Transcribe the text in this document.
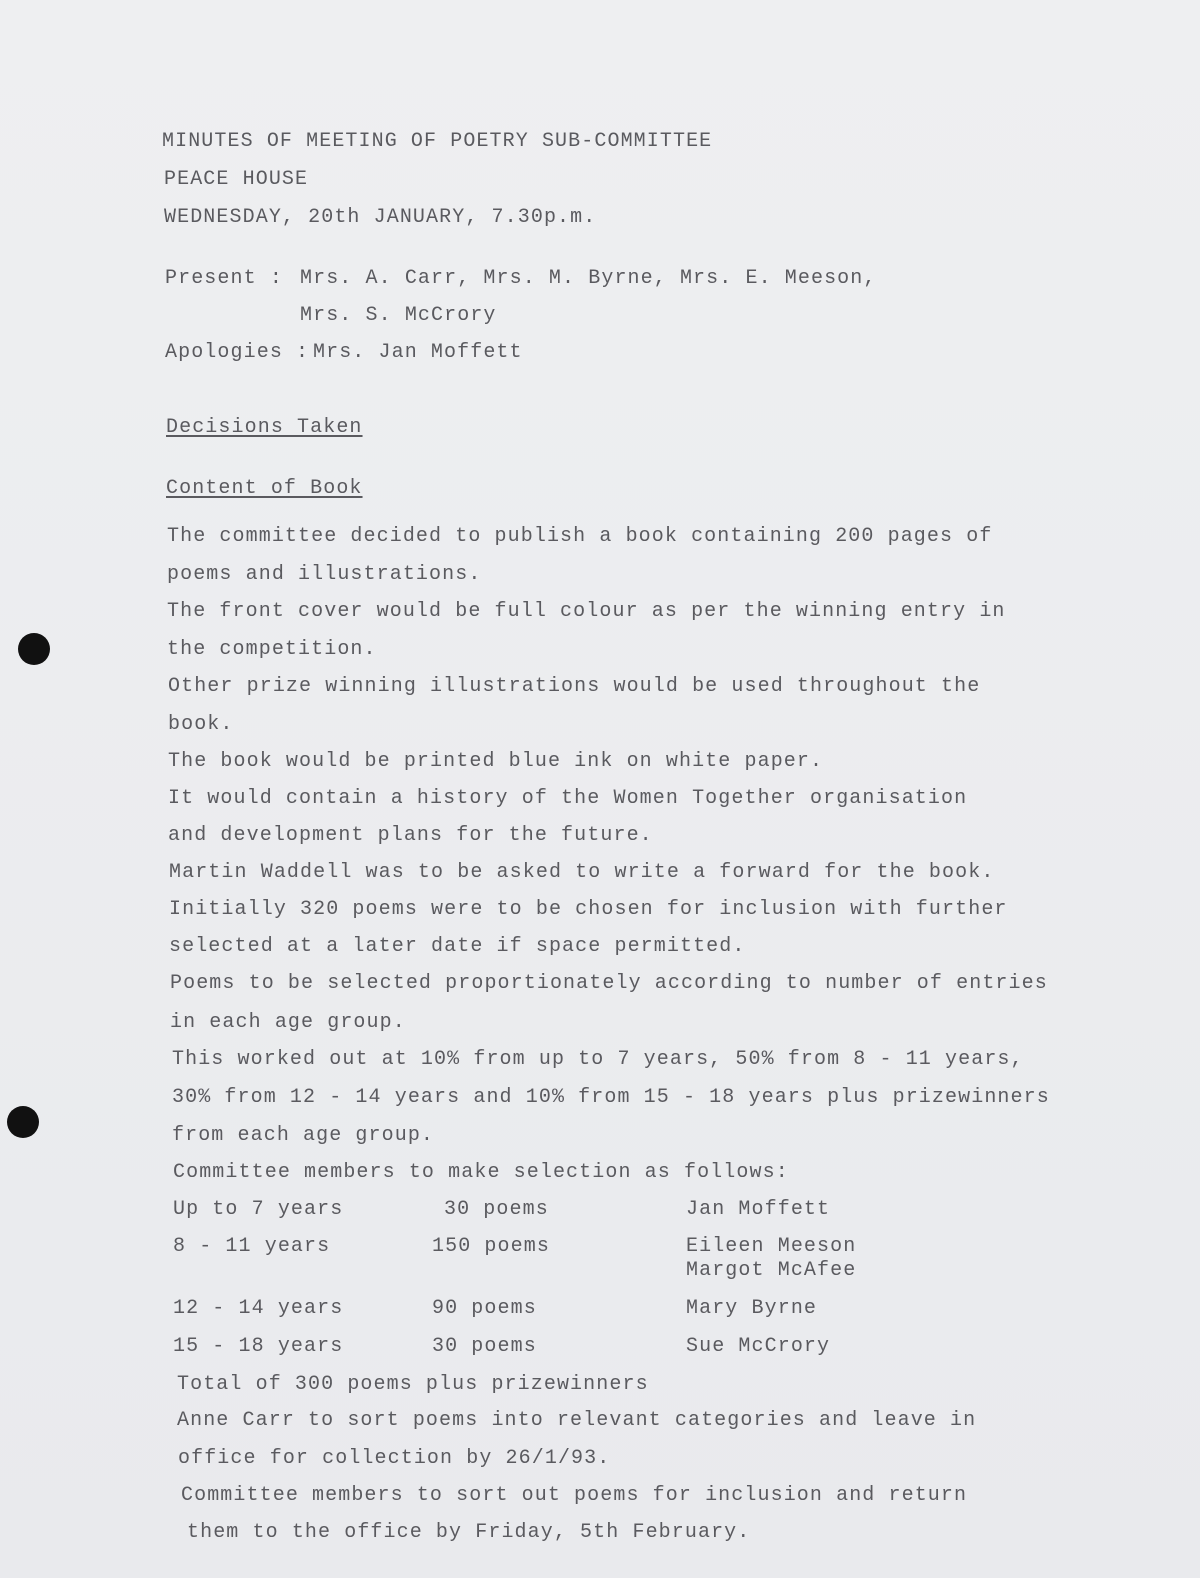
MINUTES OF MEETING OF POETRY SUB-COMMITTEE
PEACE HOUSE
WEDNESDAY, 20th JANUARY, 7.30p.m.
Present : Mrs. A. Carr, Mrs. M. Byrne, Mrs. E. Meeson,
Mrs. S. McCrory
Apologies : Mrs. Jan Moffett
Decisions Taken
Content of Book
The committee decided to publish a book containing 200 pages of
poems and illustrations.
The front cover would be full colour as per the winning entry in
the competition.
Other prize winning illustrations would be used throughout the
book.
The book would be printed blue ink on white paper.
It would contain a history of the Women Together organisation
and development plans for the future.
Martin Waddell was to be asked to write a forward for the book.
Initially 320 poems were to be chosen for inclusion with further
selected at a later date if space permitted.
Poems to be selected proportionately according to number of entries
in each age group.
This worked out at 10% from up to 7 years, 50% from 8 - 11 years,
30% from 12 - 14 years and 10% from 15 - 18 years plus prizewinners
from each age group.
Committee members to make selection as follows:
Up to 7 years	30 poems	Jan Moffett
8 - 11 years	150 poems	Eileen Meeson
Margot McAfee
12 - 14 years	90 poems	Mary Byrne
15 - 18 years	30 poems	Sue McCrory
Total of 300 poems plus prizewinners
Anne Carr to sort poems into relevant categories and leave in
office for collection by 26/1/93.
Committee members to sort out poems for inclusion and return
them to the office by Friday, 5th February.
